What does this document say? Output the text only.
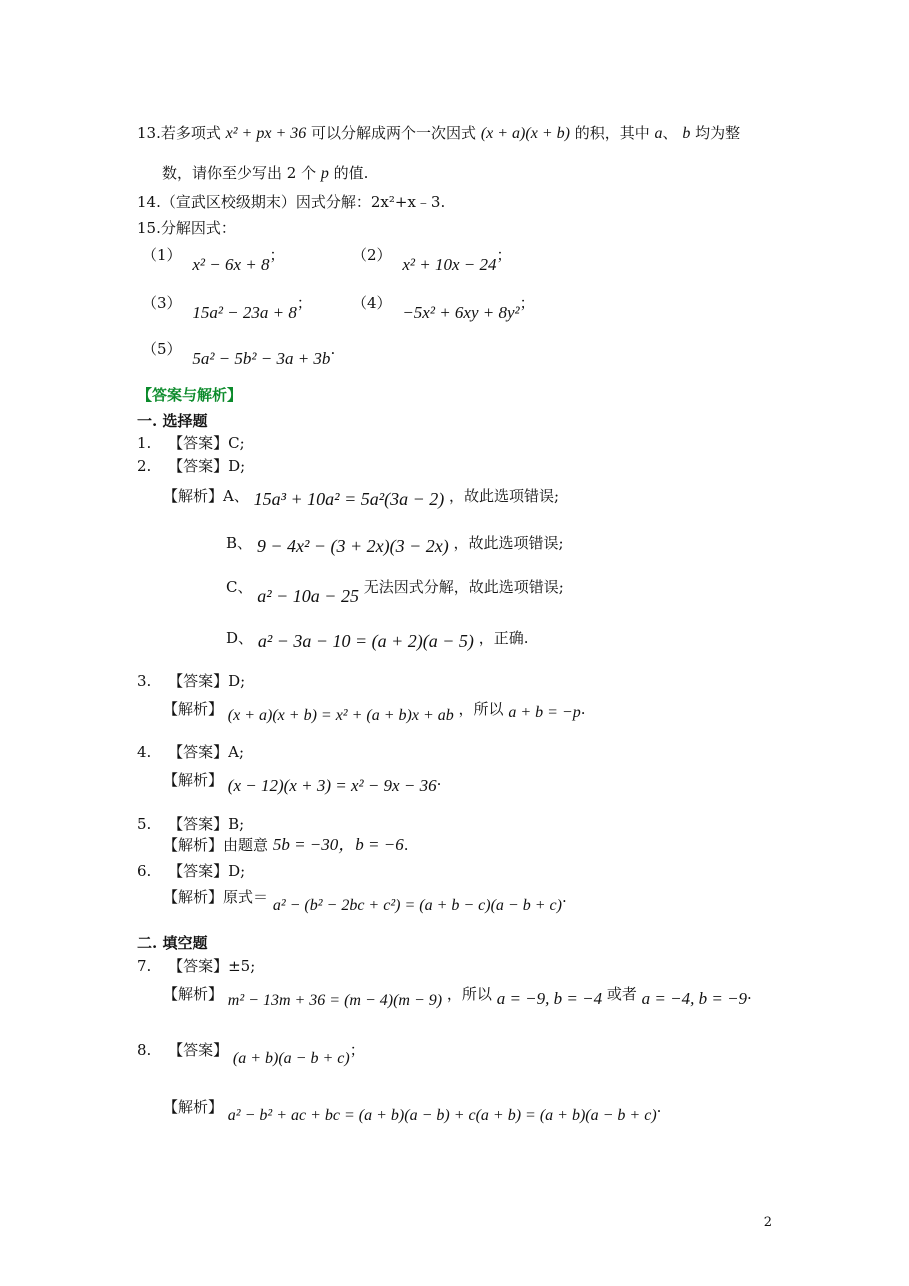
13.若多项式 x² + px + 36 可以分解成两个一次因式 (x + a)(x + b) 的积，其中 a、 b 均为整
数，请你至少写出 2 个 p 的值.
14.（宣武区校级期末）因式分解：2x²+x﹣3.
15.分解因式：
（1） x² − 6x + 8；	（2） x² + 10x − 24；
（3） 15a² − 23a + 8；	（4） −5x² + 6xy + 8y²；
（5） 5a² − 5b² − 3a + 3b.
【答案与解析】
一. 选择题
1. 【答案】C;
2. 【答案】D;
【解析】A、 15a³ + 10a² = 5a²(3a − 2) ，故此选项错误;
B、 9 − 4x² − (3 + 2x)(3 − 2x) ，故此选项错误;
C、 a² − 10a − 25 无法因式分解，故此选项错误;
D、 a² − 3a − 10 = (a + 2)(a − 5) ，正确.
3. 【答案】D;
【解析】 (x + a)(x + b) = x² + (a + b)x + ab ，所以 a + b = −p.
4. 【答案】A;
【解析】 (x − 12)(x + 3) = x² − 9x − 36.
5. 【答案】B;
【解析】由题意 5b = −30，b = −6.
6. 【答案】D;
【解析】原式＝ a² − (b² − 2bc + c²) = (a + b − c)(a − b + c).
二. 填空题
7. 【答案】±5;
【解析】 m² − 13m + 36 = (m − 4)(m − 9) ，所以 a = −9, b = −4 或者 a = −4, b = −9.
8. 【答案】 (a + b)(a − b + c)；
【解析】 a² − b² + ac + bc = (a + b)(a − b) + c(a + b) = (a + b)(a − b + c).
2
